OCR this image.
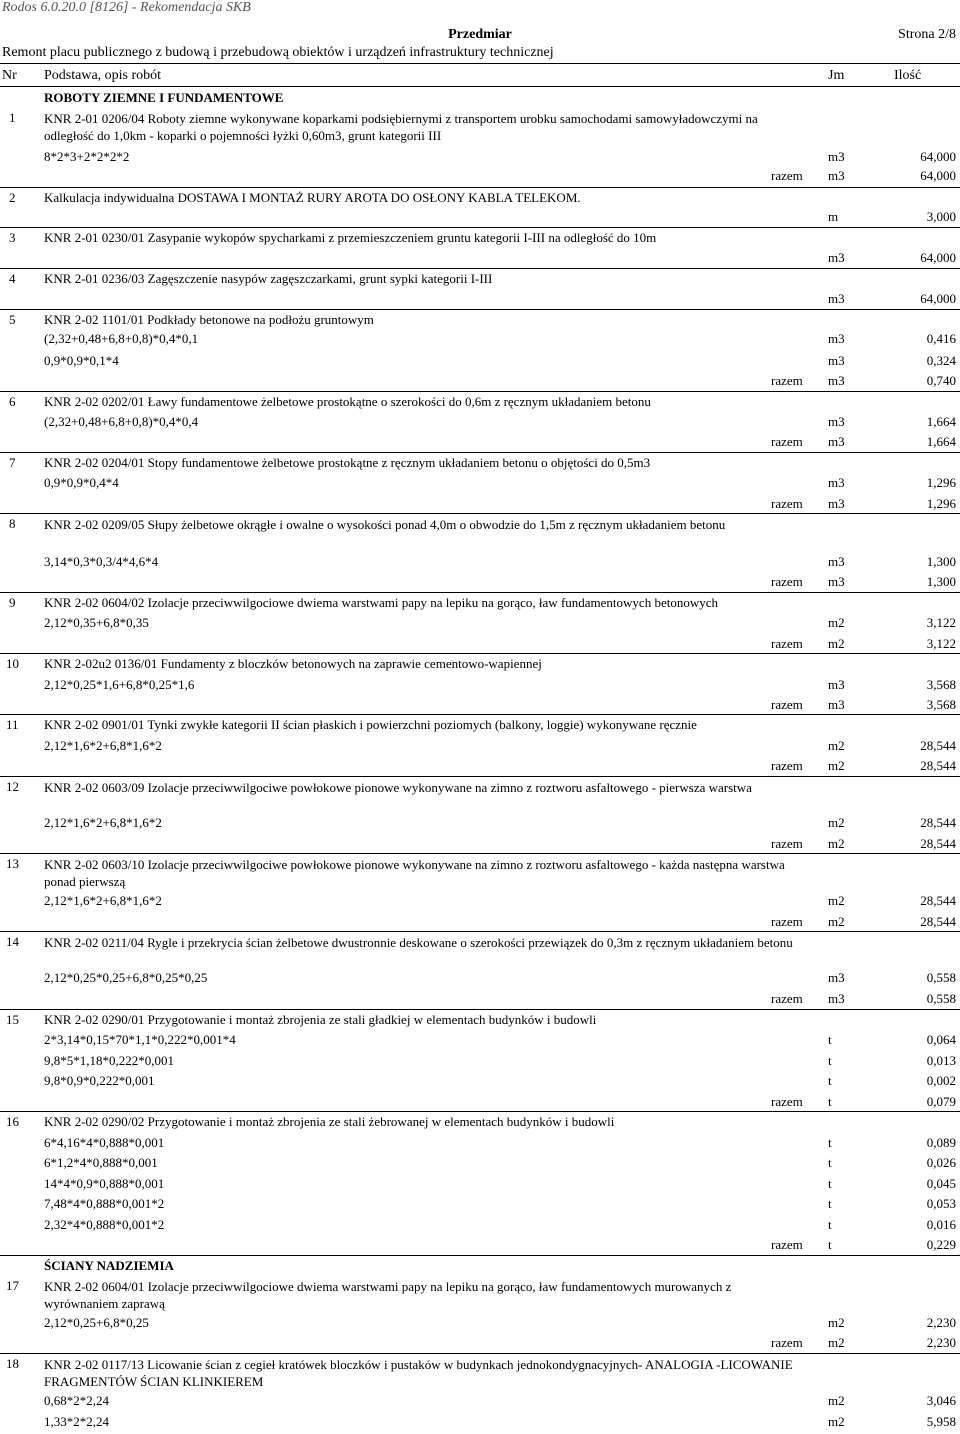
Rodos 6.0.20.0 [8126] - Rekomendacja SKB
Przedmiar	Strona 2/8
Remont placu publicznego z budową i przebudową obiektów i urządzeń infrastruktury technicznej
Nr Podstawa, opis robót	Jm	Ilość
ROBOTY ZIEMNE I FUNDAMENTOWE
1 KNR 2-01 0206/04 Roboty ziemne wykonywane koparkami podsiębiernymi z transportem urobku samochodami samowyładowczymi na odległość do 1,0km - koparki o pojemności łyżki 0,60m3, grunt kategorii III
8*2*3+2*2*2*2	m3	64,000
razem m3	64,000
2 Kalkulacja indywidualna DOSTAWA I MONTAŻ RURY AROTA DO OSŁONY KABLA TELEKOM.
m	3,000
3 KNR 2-01 0230/01 Zasypanie wykopów spycharkami z przemieszczeniem gruntu kategorii I-III na odległość do 10m
m3	64,000
4 KNR 2-01 0236/03 Zagęszczenie nasypów zagęszczarkami, grunt sypki kategorii I-III
m3	64,000
5 KNR 2-02 1101/01 Podkłady betonowe na podłożu gruntowym
(2,32+0,48+6,8+0,8)*0,4*0,1	m3	0,416
0,9*0,9*0,1*4	m3	0,324
razem m3	0,740
6 KNR 2-02 0202/01 Ławy fundamentowe żelbetowe prostokątne o szerokości do 0,6m z ręcznym układaniem betonu
(2,32+0,48+6,8+0,8)*0,4*0,4	m3	1,664
razem m3	1,664
7 KNR 2-02 0204/01 Stopy fundamentowe żelbetowe prostokątne z ręcznym układaniem betonu o objętości do 0,5m3
0,9*0,9*0,4*4	m3	1,296
razem m3	1,296
8 KNR 2-02 0209/05 Słupy żelbetowe okrągłe i owalne o wysokości ponad 4,0m o obwodzie do 1,5m z ręcznym układaniem betonu
3,14*0,3*0,3/4*4,6*4	m3	1,300
razem m3	1,300
9 KNR 2-02 0604/02 Izolacje przeciwwilgociowe dwiema warstwami papy na lepiku na gorąco, ław fundamentowych betonowych
2,12*0,35+6,8*0,35	m2	3,122
razem m2	3,122
10 KNR 2-02u2 0136/01 Fundamenty z bloczków betonowych na zaprawie cementowo-wapiennej
2,12*0,25*1,6+6,8*0,25*1,6	m3	3,568
razem m3	3,568
11 KNR 2-02 0901/01 Tynki zwykłe kategorii II ścian płaskich i powierzchni poziomych (balkony, loggie) wykonywane ręcznie
2,12*1,6*2+6,8*1,6*2	m2	28,544
razem m2	28,544
12 KNR 2-02 0603/09 Izolacje przeciwwilgociwe powłokowe pionowe wykonywane na zimno z roztworu asfaltowego - pierwsza warstwa
2,12*1,6*2+6,8*1,6*2	m2	28,544
razem m2	28,544
13 KNR 2-02 0603/10 Izolacje przeciwwilgociwe powłokowe pionowe wykonywane na zimno z roztworu asfaltowego - każda następna warstwa ponad pierwszą
2,12*1,6*2+6,8*1,6*2	m2	28,544
razem m2	28,544
14 KNR 2-02 0211/04 Rygle i przekrycia ścian żelbetowe dwustronnie deskowane o szerokości przewiązek do 0,3m z ręcznym układaniem betonu
2,12*0,25*0,25+6,8*0,25*0,25	m3	0,558
razem m3	0,558
15 KNR 2-02 0290/01 Przygotowanie i montaż zbrojenia ze stali gładkiej w elementach budynków i budowli
2*3,14*0,15*70*1,1*0,222*0,001*4	t	0,064
9,8*5*1,18*0,222*0,001	t	0,013
9,8*0,9*0,222*0,001	t	0,002
razem t	0,079
16 KNR 2-02 0290/02 Przygotowanie i montaż zbrojenia ze stali żebrowanej w elementach budynków i budowli
6*4,16*4*0,888*0,001	t	0,089
6*1,2*4*0,888*0,001	t	0,026
14*4*0,9*0,888*0,001	t	0,045
7,48*4*0,888*0,001*2	t	0,053
2,32*4*0,888*0,001*2	t	0,016
razem t	0,229
ŚCIANY NADZIEMIA
17 KNR 2-02 0604/01 Izolacje przeciwwilgociowe dwiema warstwami papy na lepiku na gorąco, ław fundamentowych murowanych z wyrównaniem zaprawą
2,12*0,25+6,8*0,25	m2	2,230
razem m2	2,230
18 KNR 2-02 0117/13 Licowanie ścian z cegieł kratówek bloczków i pustaków w budynkach jednokondygnacyjnych- ANALOGIA -LICOWANIE FRAGMENTÓW ŚCIAN KLINKIEREM
0,68*2*2,24	m2	3,046
1,33*2*2,24	m2	5,958
